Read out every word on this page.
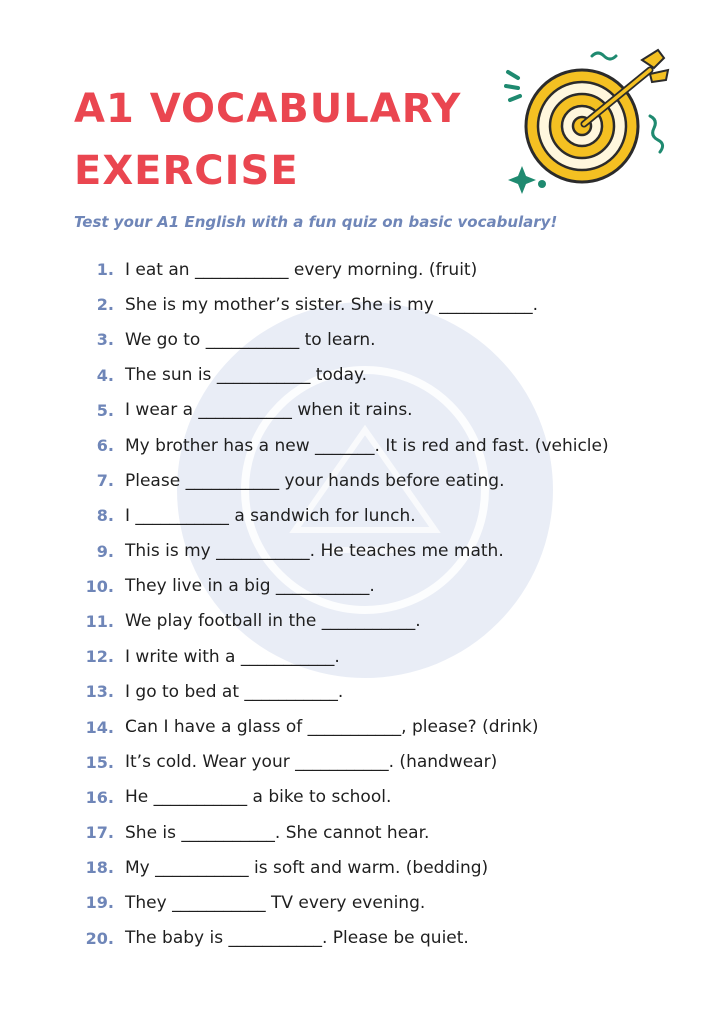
A1 VOCABULARY
EXERCISE

Test your A1 English with a fun quiz on basic vocabulary!

1. I eat an ___________ every morning. (fruit)
2. She is my mother’s sister. She is my ___________.
3. We go to ___________ to learn.
4. The sun is ___________ today.
5. I wear a ___________ when it rains.
6. My brother has a new _______. It is red and fast. (vehicle)
7. Please ___________ your hands before eating.
8. I ___________ a sandwich for lunch.
9. This is my ___________. He teaches me math.
10. They live in a big ___________.
11. We play football in the ___________.
12. I write with a ___________.
13. I go to bed at ___________.
14. Can I have a glass of ___________, please? (drink)
15. It’s cold. Wear your ___________. (handwear)
16. He ___________ a bike to school.
17. She is ___________. She cannot hear.
18. My ___________ is soft and warm. (bedding)
19. They ___________ TV every evening.
20. The baby is ___________. Please be quiet.
